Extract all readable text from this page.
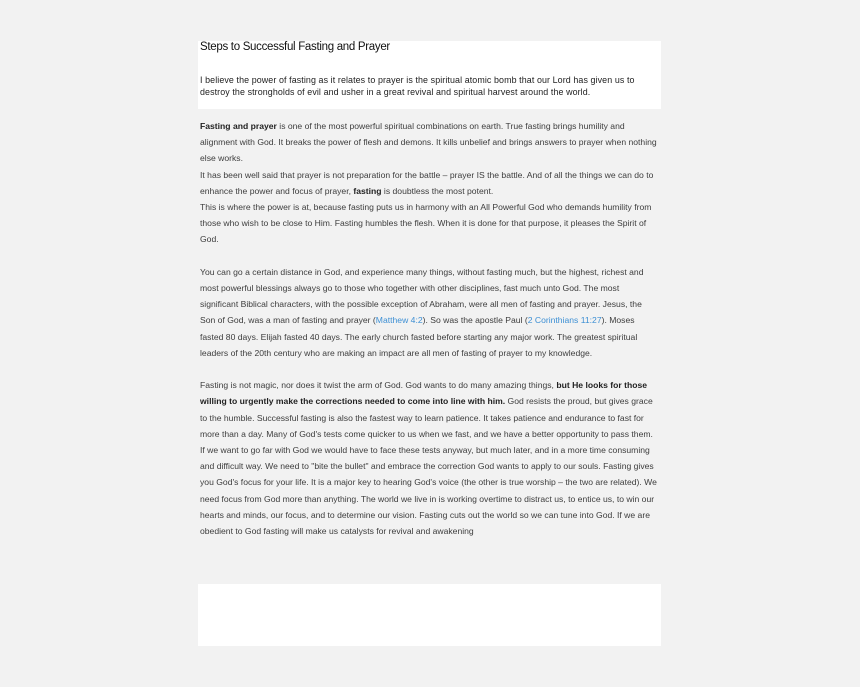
Steps to Successful Fasting and Prayer

I believe the power of fasting as it relates to prayer is the spiritual atomic bomb that our Lord has given us to destroy the strongholds of evil and usher in a great revival and spiritual harvest around the world.

Fasting and prayer is one of the most powerful spiritual combinations on earth. True fasting brings humility and alignment with God. It breaks the power of flesh and demons. It kills unbelief and brings answers to prayer when nothing else works.

It has been well said that prayer is not preparation for the battle – prayer IS the battle. And of all the things we can do to enhance the power and focus of prayer, fasting is doubtless the most potent.

This is where the power is at, because fasting puts us in harmony with an All Powerful God who demands humility from those who wish to be close to Him. Fasting humbles the flesh. When it is done for that purpose, it pleases the Spirit of God.

You can go a certain distance in God, and experience many things, without fasting much, but the highest, richest and most powerful blessings always go to those who together with other disciplines, fast much unto God. The most significant Biblical characters, with the possible exception of Abraham, were all men of fasting and prayer. Jesus, the Son of God, was a man of fasting and prayer (Matthew 4:2). So was the apostle Paul (2 Corinthians 11:27). Moses fasted 80 days. Elijah fasted 40 days. The early church fasted before starting any major work. The greatest spiritual leaders of the 20th century who are making an impact are all men of fasting of prayer to my knowledge.

Fasting is not magic, nor does it twist the arm of God. God wants to do many amazing things, but He looks for those willing to urgently make the corrections needed to come into line with him. God resists the proud, but gives grace to the humble. Successful fasting is also the fastest way to learn patience. It takes patience and endurance to fast for more than a day. Many of God's tests come quicker to us when we fast, and we have a better opportunity to pass them. If we want to go far with God we would have to face these tests anyway, but much later, and in a more time consuming and difficult way. We need to "bite the bullet" and embrace the correction God wants to apply to our souls. Fasting gives you God's focus for your life. It is a major key to hearing God's voice (the other is true worship – the two are related). We need focus from God more than anything. The world we live in is working overtime to distract us, to entice us, to win our hearts and minds, our focus, and to determine our vision. Fasting cuts out the world so we can tune into God. If we are obedient to God fasting will make us catalysts for revival and awakening
